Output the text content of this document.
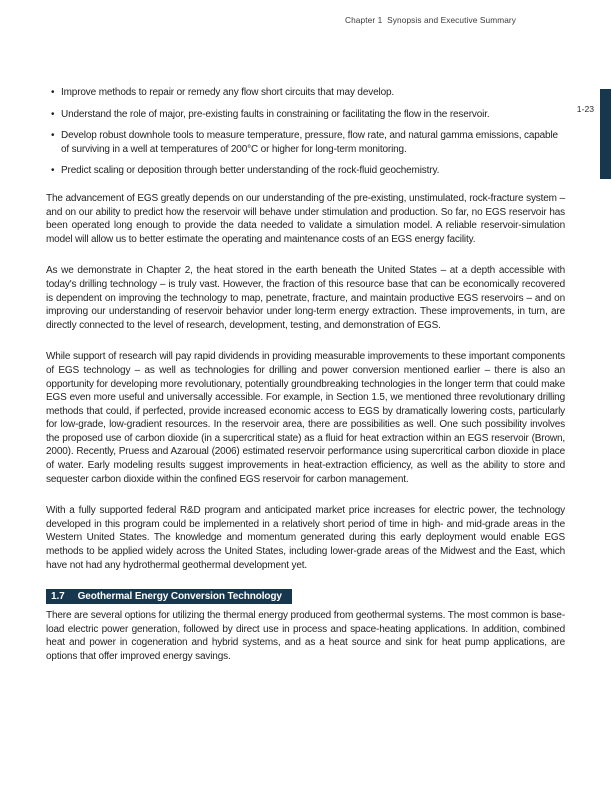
Chapter 1  Synopsis and Executive Summary
1-23
• Improve methods to repair or remedy any flow short circuits that may develop.
• Understand the role of major, pre-existing faults in constraining or facilitating the flow in the reservoir.
• Develop robust downhole tools to measure temperature, pressure, flow rate, and natural gamma emissions, capable of surviving in a well at temperatures of 200°C or higher for long-term monitoring.
• Predict scaling or deposition through better understanding of the rock-fluid geochemistry.

The advancement of EGS greatly depends on our understanding of the pre-existing, unstimulated, rock-fracture system – and on our ability to predict how the reservoir will behave under stimulation and production. So far, no EGS reservoir has been operated long enough to provide the data needed to validate a simulation model. A reliable reservoir-simulation model will allow us to better estimate the operating and maintenance costs of an EGS energy facility.

As we demonstrate in Chapter 2, the heat stored in the earth beneath the United States – at a depth accessible with today's drilling technology – is truly vast. However, the fraction of this resource base that can be economically recovered is dependent on improving the technology to map, penetrate, fracture, and maintain productive EGS reservoirs – and on improving our understanding of reservoir behavior under long-term energy extraction. These improvements, in turn, are directly connected to the level of research, development, testing, and demonstration of EGS.

While support of research will pay rapid dividends in providing measurable improvements to these important components of EGS technology – as well as technologies for drilling and power conversion mentioned earlier – there is also an opportunity for developing more revolutionary, potentially groundbreaking technologies in the longer term that could make EGS even more useful and universally accessible. For example, in Section 1.5, we mentioned three revolutionary drilling methods that could, if perfected, provide increased economic access to EGS by dramatically lowering costs, particularly for low-grade, low-gradient resources. In the reservoir area, there are possibilities as well. One such possibility involves the proposed use of carbon dioxide (in a supercritical state) as a fluid for heat extraction within an EGS reservoir (Brown, 2000). Recently, Pruess and Azaroual (2006) estimated reservoir performance using supercritical carbon dioxide in place of water. Early modeling results suggest improvements in heat-extraction efficiency, as well as the ability to store and sequester carbon dioxide within the confined EGS reservoir for carbon management.

With a fully supported federal R&D program and anticipated market price increases for electric power, the technology developed in this program could be implemented in a relatively short period of time in high- and mid-grade areas in the Western United States. The knowledge and momentum generated during this early deployment would enable EGS methods to be applied widely across the United States, including lower-grade areas of the Midwest and the East, which have not had any hydrothermal geothermal development yet.

1.7 Geothermal Energy Conversion Technology

There are several options for utilizing the thermal energy produced from geothermal systems. The most common is base-load electric power generation, followed by direct use in process and space-heating applications. In addition, combined heat and power in cogeneration and hybrid systems, and as a heat source and sink for heat pump applications, are options that offer improved energy savings.
